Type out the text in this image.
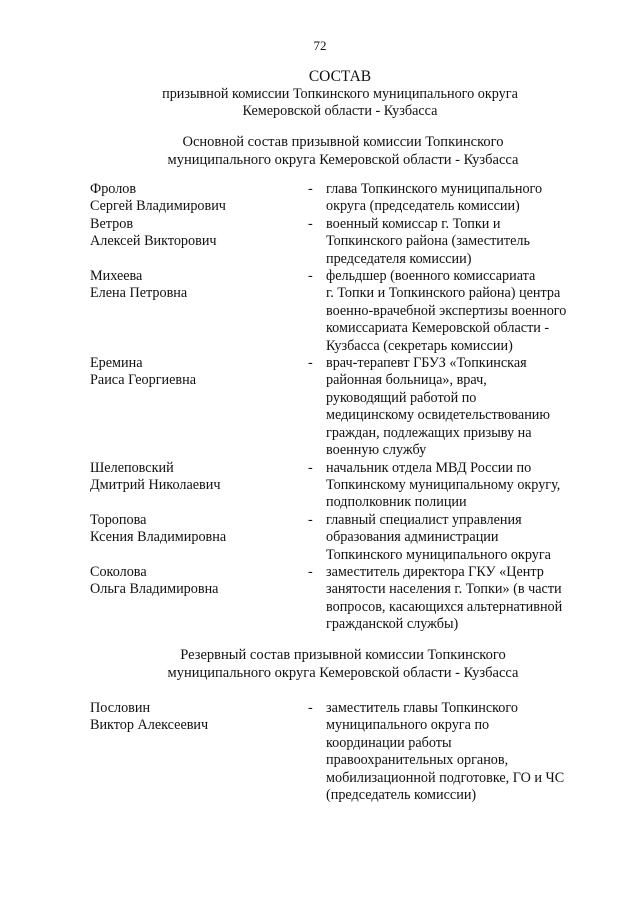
72
СОСТАВ
призывной комиссии Топкинского муниципального округа
Кемеровской области - Кузбасса
Основной состав призывной комиссии Топкинского
муниципального округа Кемеровской области - Кузбасса
Фролов
Сергей Владимирович
- глава Топкинского муниципального
округа (председатель комиссии)
Ветров
Алексей Викторович
- военный комиссар г. Топки и
Топкинского района (заместитель
председателя комиссии)
Михеева
Елена Петровна
- фельдшер (военного комиссариата
г. Топки и Топкинского района) центра
военно-врачебной экспертизы военного
комиссариата Кемеровской области -
Кузбасса (секретарь комиссии)
Еремина
Раиса Георгиевна
- врач-терапевт ГБУЗ «Топкинская
районная больница», врач,
руководящий работой по
медицинскому освидетельствованию
граждан, подлежащих призыву на
военную службу
Шелеповский
Дмитрий Николаевич
- начальник отдела МВД России по
Топкинскому муниципальному округу,
подполковник полиции
Торопова
Ксения Владимировна
- главный специалист управления
образования администрации
Топкинского муниципального округа
Соколова
Ольга Владимировна
- заместитель директора ГКУ «Центр
занятости населения г. Топки» (в части
вопросов, касающихся альтернативной
гражданской службы)
Резервный состав призывной комиссии Топкинского
муниципального округа Кемеровской области - Кузбасса
Пословин
Виктор Алексеевич
- заместитель главы Топкинского
муниципального округа по
координации работы
правоохранительных органов,
мобилизационной подготовке, ГО и ЧС
(председатель комиссии)
